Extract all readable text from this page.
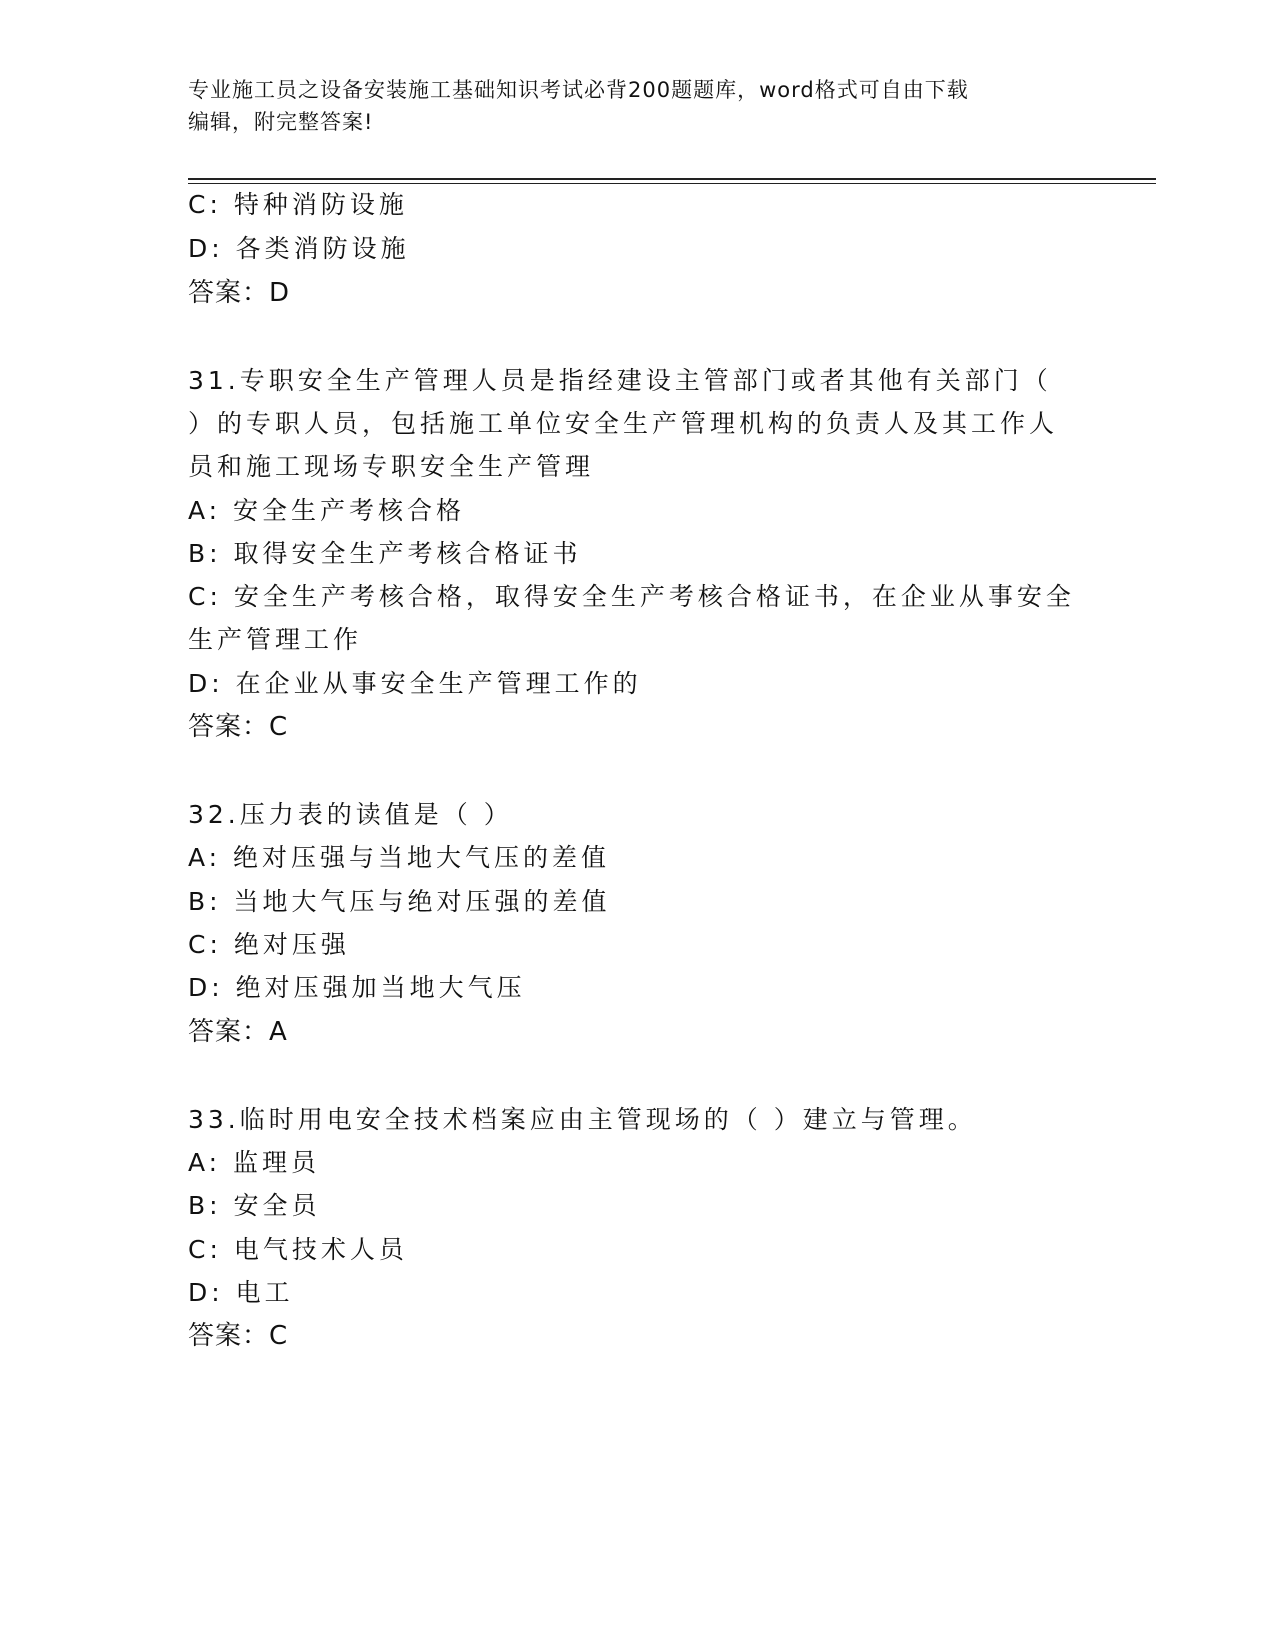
专业施工员之设备安装施工基础知识考试必背200题题库，word格式可自由下载
编辑，附完整答案!
C: 特种消防设施
D: 各类消防设施
答案：D
31.专职安全生产管理人员是指经建设主管部门或者其他有关部门（
）的专职人员，包括施工单位安全生产管理机构的负责人及其工作人
员和施工现场专职安全生产管理
A: 安全生产考核合格
B: 取得安全生产考核合格证书
C: 安全生产考核合格，取得安全生产考核合格证书，在企业从事安全
生产管理工作
D: 在企业从事安全生产管理工作的
答案：C
32.压力表的读值是（ ）
A: 绝对压强与当地大气压的差值
B: 当地大气压与绝对压强的差值
C: 绝对压强
D: 绝对压强加当地大气压
答案：A
33.临时用电安全技术档案应由主管现场的（ ）建立与管理。
A: 监理员
B: 安全员
C: 电气技术人员
D: 电工
答案：C
